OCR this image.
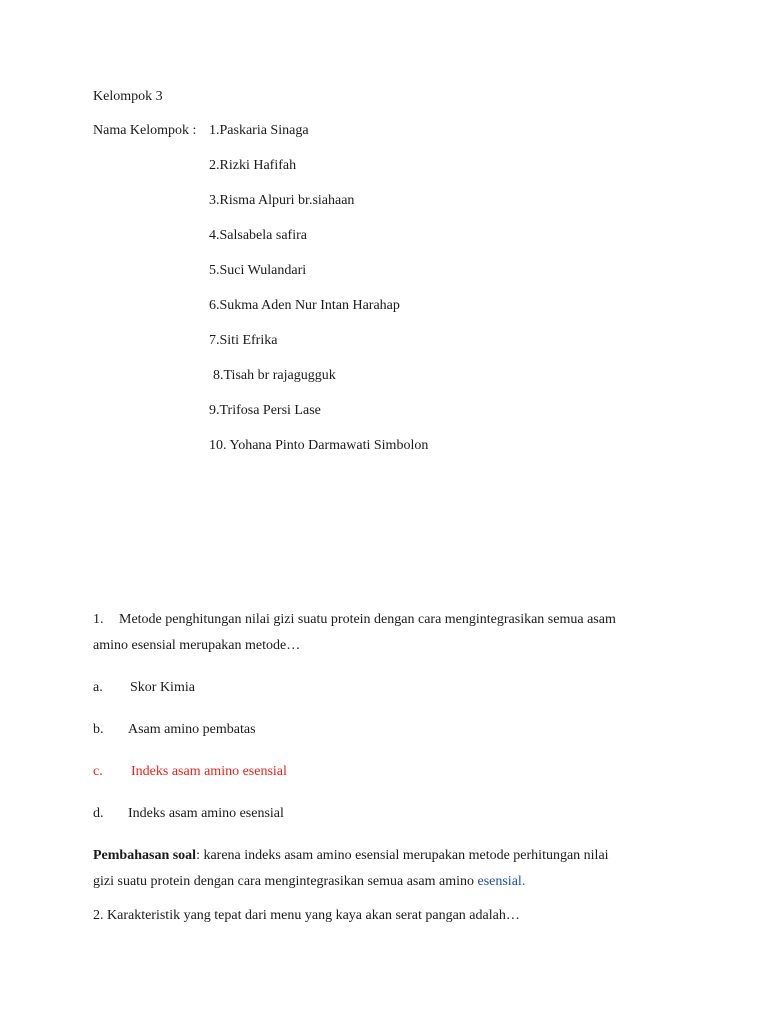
Kelompok 3
Nama Kelompok : 1.Paskaria Sinaga
2.Rizki Hafifah
3.Risma Alpuri br.siahaan
4.Salsabela safira
5.Suci Wulandari
6.Sukma Aden Nur Intan Harahap
7.Siti Efrika
8.Tisah br rajagugguk
9.Trifosa Persi Lase
10. Yohana Pinto Darmawati Simbolon
1. Metode penghitungan nilai gizi suatu protein dengan cara mengintegrasikan semua asam
amino esensial merupakan metode…
a. Skor Kimia
b. Asam amino pembatas
c. Indeks asam amino esensial
d. Indeks asam amino esensial
Pembahasan soal: karena indeks asam amino esensial merupakan metode perhitungan nilai
gizi suatu protein dengan cara mengintegrasikan semua asam amino esensial.
2. Karakteristik yang tepat dari menu yang kaya akan serat pangan adalah…
